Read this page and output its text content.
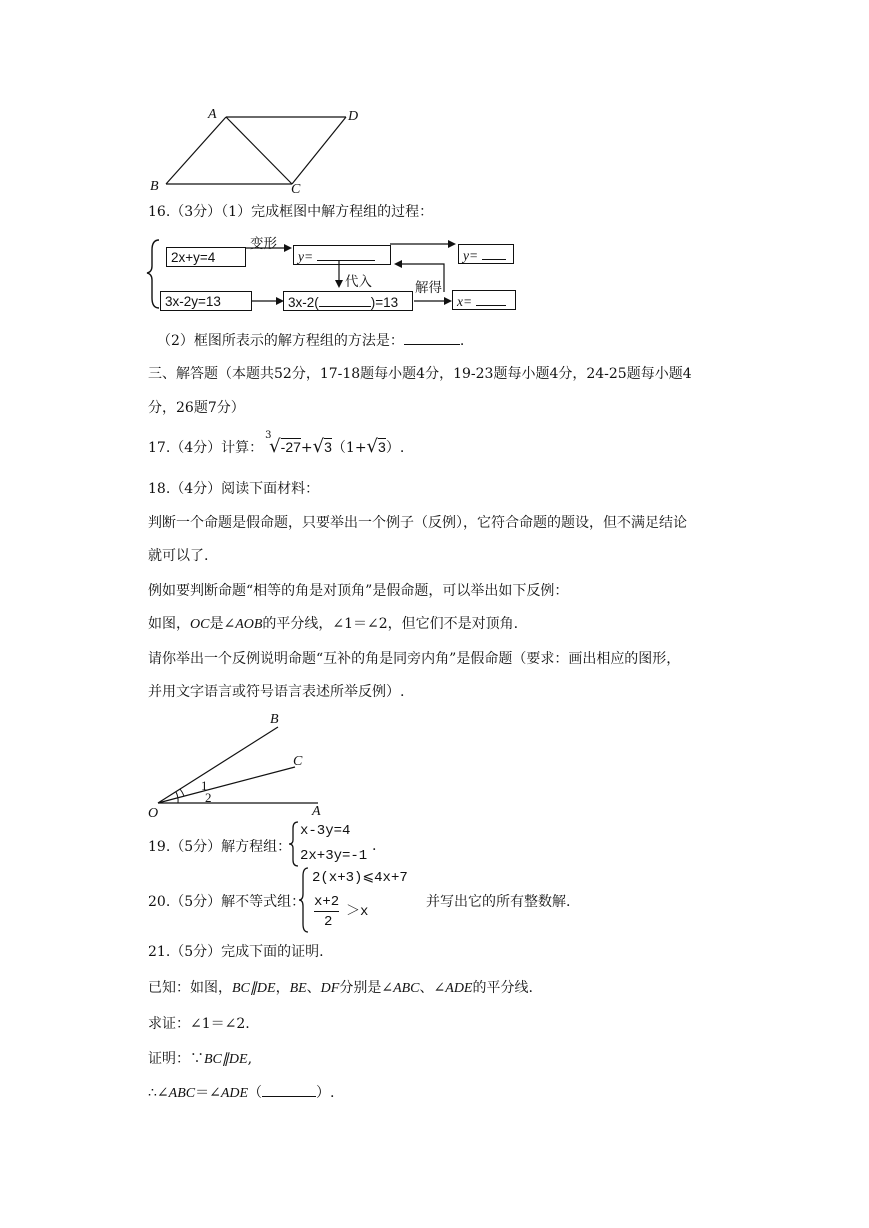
A	D
B	C
16.（3分）（1）完成框图中解方程组的过程：
2x+y=4
3x-2y=13
y=	y=
3x-2(	)=13	x=
变形
代入	解得
（2）框图所表示的解方程组的方法是：	.
三、解答题（本题共52分，17-18题每小题4分，19-23题每小题4分，24-25题每小题4
分，26题7分）
17.（4分）计算：
3
√-27+√3（1+√3）.
18.（4分）阅读下面材料：
判断一个命题是假命题，只要举出一个例子（反例），它符合命题的题设，但不满足结论
就可以了.
例如要判断命题“相等的角是对顶角”是假命题，可以举出如下反例：
如图，OC是∠AOB的平分线，∠1＝∠2，但它们不是对顶角.
请你举出一个反例说明命题“互补的角是同旁内角”是假命题（要求：画出相应的图形，
并用文字语言或符号语言表述所举反例）.
O	A
B
C
1
2
19.（5分）解方程组：
x-3y=4
2x+3y=-1
.
20.（5分）解不等式组：
2(x+3)⩽4x+7
x+2
2
＞x
并写出它的所有整数解.
21.（5分）完成下面的证明.
已知：如图，BC∥DE，BE、DF分别是∠ABC、∠ADE的平分线.
求证：∠1＝∠2.
证明：∵BC∥DE,
∴∠ABC＝∠ADE（	）.
